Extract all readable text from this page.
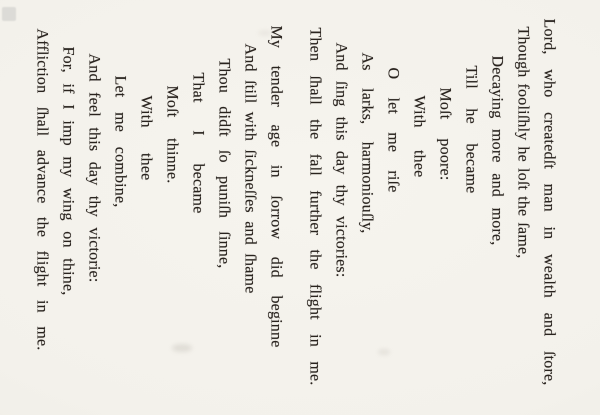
Lord, who createdſt man in wealth and ſtore,
Though fooliſhly he loſt the ſame,
Decaying more and more,
Till he became
Moſt poore:
With thee
O let me riſe
As larks, harmoniouſly,
And ſing this day thy victories:
Then ſhall the fall further the flight in me.
My tender age in ſorrow did beginne
And ſtill with ſickneſſes and ſhame
Thou didſt ſo puniſh ſinne,
That I became
Moſt thinne.
With thee
Let me combine,
And feel this day thy victorie:
For, if I imp my wing on thine,
Affliction ſhall advance the flight in me.
